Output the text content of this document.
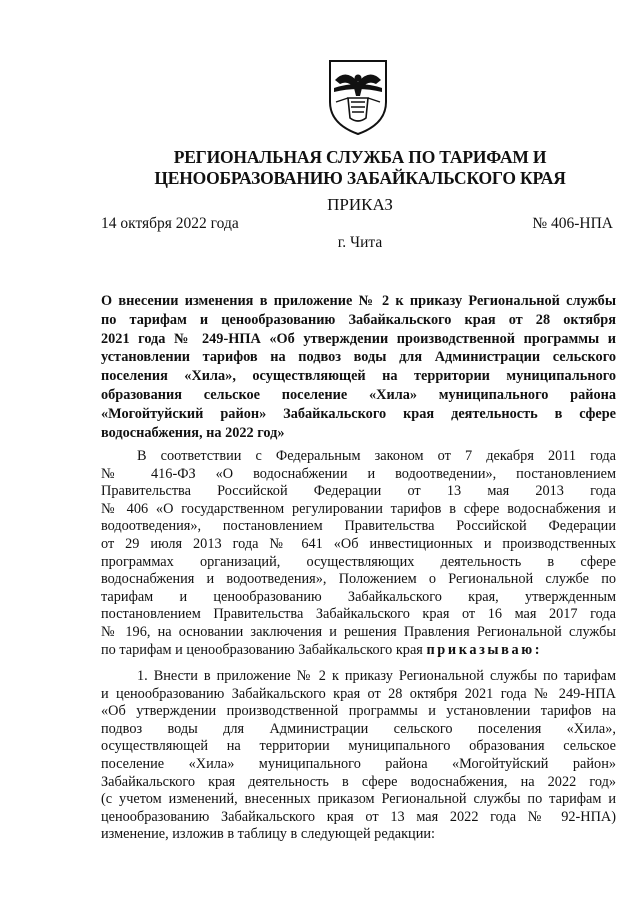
РЕГИОНАЛЬНАЯ СЛУЖБА ПО ТАРИФАМ И
ЦЕНООБРАЗОВАНИЮ ЗАБАЙКАЛЬСКОГО КРАЯ
ПРИКАЗ
14 октября 2022 года	№ 406-НПА
г. Чита
О внесении изменения в приложение № 2 к приказу Региональной службы
по тарифам и ценообразованию Забайкальского края от 28 октября
2021 года № 249-НПА «Об утверждении производственной программы и
установлении тарифов на подвоз воды для Администрации сельского
поселения «Хила», осуществляющей на территории муниципального
образования сельское поселение «Хила» муниципального района
«Могойтуйский район» Забайкальского края деятельность в сфере
водоснабжения, на 2022 год»
В соответствии с Федеральным законом от 7 декабря 2011 года
№ 416-ФЗ «О водоснабжении и водоотведении», постановлением
Правительства Российской Федерации от 13 мая 2013 года
№ 406 «О государственном регулировании тарифов в сфере водоснабжения и
водоотведения», постановлением Правительства Российской Федерации
от 29 июля 2013 года № 641 «Об инвестиционных и производственных
программах организаций, осуществляющих деятельность в сфере
водоснабжения и водоотведения», Положением о Региональной службе по
тарифам и ценообразованию Забайкальского края, утвержденным
постановлением Правительства Забайкальского края от 16 мая 2017 года
№ 196, на основании заключения и решения Правления Региональной службы
по тарифам и ценообразованию Забайкальского края приказываю:
1. Внести в приложение № 2 к приказу Региональной службы по тарифам
и ценообразованию Забайкальского края от 28 октября 2021 года № 249-НПА
«Об утверждении производственной программы и установлении тарифов на
подвоз воды для Администрации сельского поселения «Хила»,
осуществляющей на территории муниципального образования сельское
поселение «Хила» муниципального района «Могойтуйский район»
Забайкальского края деятельность в сфере водоснабжения, на 2022 год»
(с учетом изменений, внесенных приказом Региональной службы по тарифам и
ценообразованию Забайкальского края от 13 мая 2022 года № 92-НПА)
изменение, изложив в таблицу в следующей редакции:
